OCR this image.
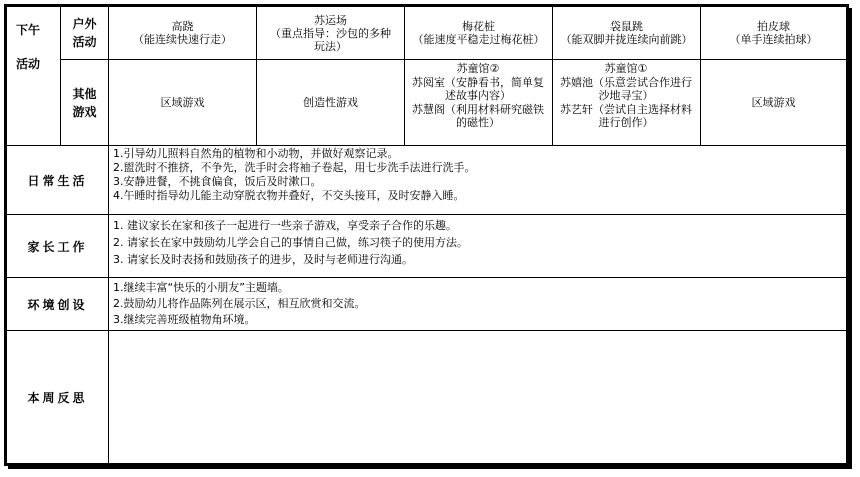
下午
活动
户外活动
其他游戏
高跷
（能连续快速行走）
苏运场
（重点指导：沙包的多种玩法）
梅花桩
（能速度平稳走过梅花桩）
袋鼠跳
（能双脚并拢连续向前跳）
拍皮球
（单手连续拍球）
区域游戏	创造性游戏
苏童馆②
苏阅室（安静看书，简单复述故事内容）
苏慧阁（利用材料研究磁铁的磁性）
苏童馆①
苏嬉池（乐意尝试合作进行沙地寻宝）
苏艺轩（尝试自主选择材料进行创作）
区域游戏
日常生活
1.引导幼儿照料自然角的植物和小动物，并做好观察记录。
2.盥洗时不推挤，不争先，洗手时会将袖子卷起，用七步洗手法进行洗手。
3.安静进餐，不挑食偏食，饭后及时漱口。
4.午睡时指导幼儿能主动穿脱衣物并叠好，不交头接耳，及时安静入睡。
家长工作
1. 建议家长在家和孩子一起进行一些亲子游戏，享受亲子合作的乐趣。
2. 请家长在家中鼓励幼儿学会自己的事情自己做，练习筷子的使用方法。
3. 请家长及时表扬和鼓励孩子的进步，及时与老师进行沟通。
环境创设
1.继续丰富“快乐的小朋友”主题墙。
2.鼓励幼儿将作品陈列在展示区，相互欣赏和交流。
3.继续完善班级植物角环境。
本周反思
